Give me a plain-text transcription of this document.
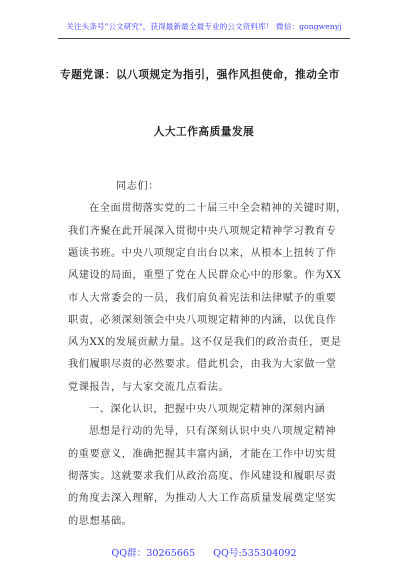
关注头条号"公文研究"，获得最新最全最专业的公文资料库！ 微信：gongwenyj
专题党课：以八项规定为指引，强作风担使命，推动全市
人大工作高质量发展
同志们：
在全面贯彻落实党的二十届三中全会精神的关键时期，
我们齐聚在此开展深入贯彻中央八项规定精神学习教育专
题读书班。中央八项规定自出台以来，从根本上扭转了作
风建设的局面，重塑了党在人民群众心中的形象。作为XX
市人大常委会的一员，我们肩负着宪法和法律赋予的重要
职责，必须深刻领会中央八项规定精神的内涵，以优良作
风为XX的发展贡献力量。这不仅是我们的政治责任，更是
我们履职尽责的必然要求。借此机会，由我为大家做一堂
党课报告，与大家交流几点看法。
一、深化认识，把握中央八项规定精神的深刻内涵
思想是行动的先导，只有深刻认识中央八项规定精神
的重要意义，准确把握其丰富内涵，才能在工作中切实贯
彻落实。这就要求我们从政治高度、作风建设和履职尽责
QQ群：30265665 QQ号:535304092
的角度去深入理解，为推动人大工作高质量发展奠定坚实
的思想基础。
